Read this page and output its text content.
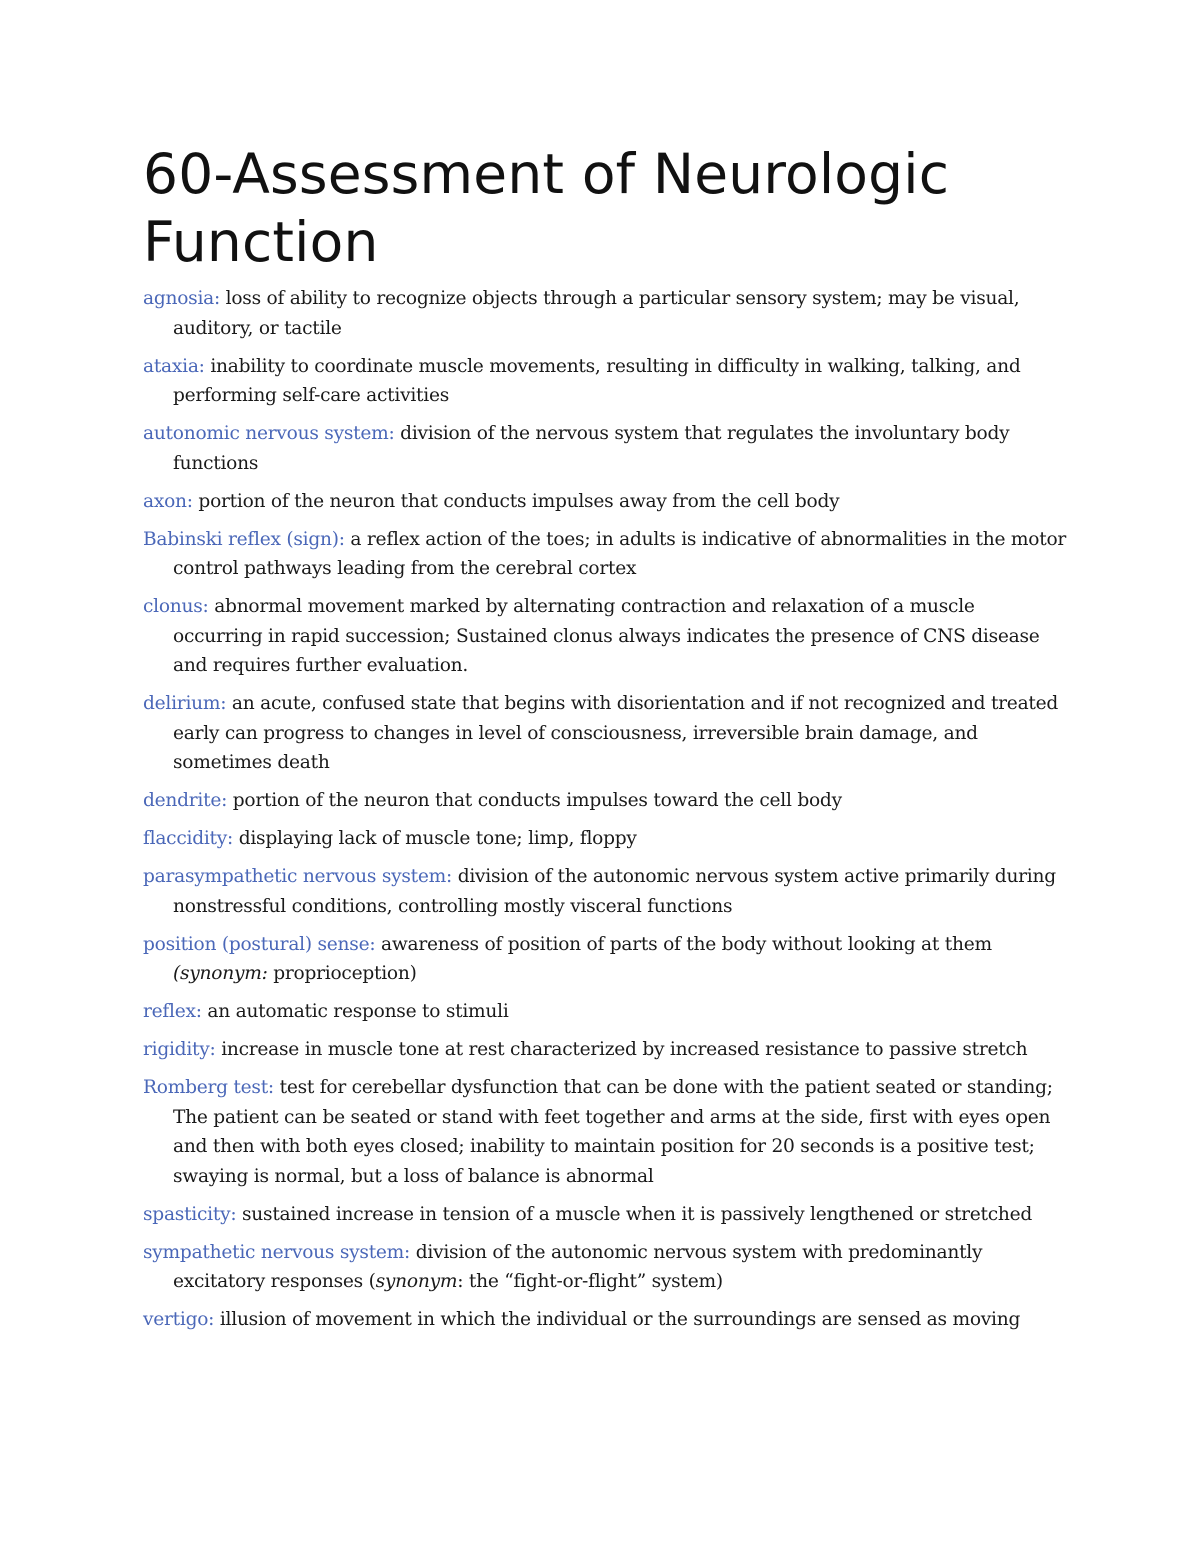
60-Assessment of Neurologic Function
agnosia: loss of ability to recognize objects through a particular sensory system; may be visual, auditory, or tactile
ataxia: inability to coordinate muscle movements, resulting in difficulty in walking, talking, and performing self-care activities
autonomic nervous system: division of the nervous system that regulates the involuntary body functions
axon: portion of the neuron that conducts impulses away from the cell body
Babinski reflex (sign): a reflex action of the toes; in adults is indicative of abnormalities in the motor control pathways leading from the cerebral cortex
clonus: abnormal movement marked by alternating contraction and relaxation of a muscle occurring in rapid succession; Sustained clonus always indicates the presence of CNS disease and requires further evaluation.
delirium: an acute, confused state that begins with disorientation and if not recognized and treated early can progress to changes in level of consciousness, irreversible brain damage, and sometimes death
dendrite: portion of the neuron that conducts impulses toward the cell body
flaccidity: displaying lack of muscle tone; limp, floppy
parasympathetic nervous system: division of the autonomic nervous system active primarily during nonstressful conditions, controlling mostly visceral functions
position (postural) sense: awareness of position of parts of the body without looking at them (synonym: proprioception)
reflex: an automatic response to stimuli
rigidity: increase in muscle tone at rest characterized by increased resistance to passive stretch
Romberg test: test for cerebellar dysfunction that can be done with the patient seated or standing; The patient can be seated or stand with feet together and arms at the side, first with eyes open and then with both eyes closed; inability to maintain position for 20 seconds is a positive test; swaying is normal, but a loss of balance is abnormal
spasticity: sustained increase in tension of a muscle when it is passively lengthened or stretched
sympathetic nervous system: division of the autonomic nervous system with predominantly excitatory responses (synonym: the “fight-or-flight” system)
vertigo: illusion of movement in which the individual or the surroundings are sensed as moving
